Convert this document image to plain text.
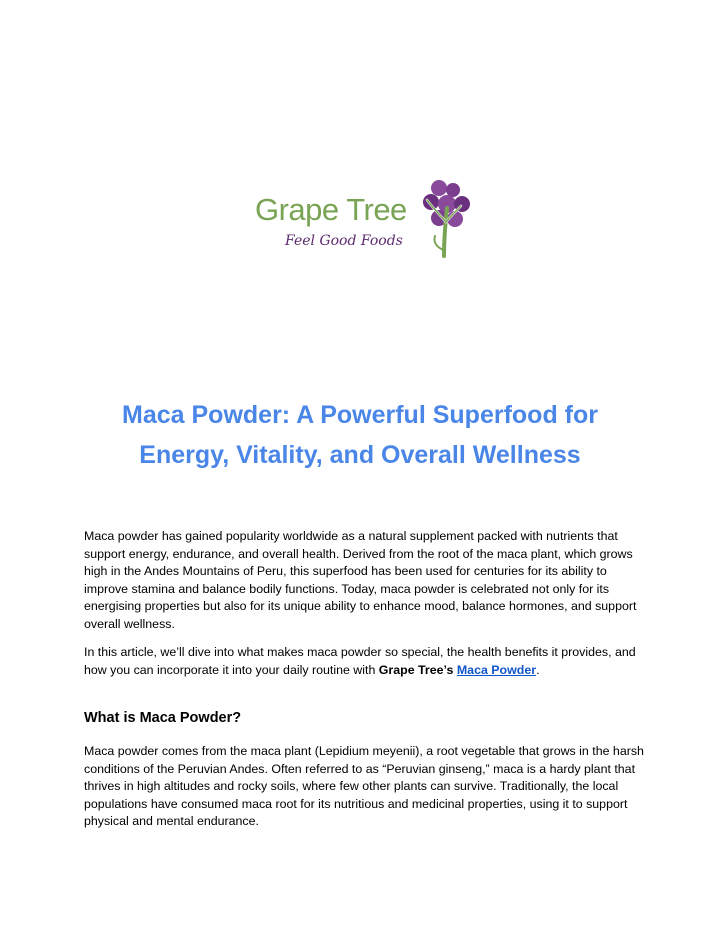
Grape Tree
Feel Good Foods
Maca Powder: A Powerful Superfood for Energy, Vitality, and Overall Wellness

Maca powder has gained popularity worldwide as a natural supplement packed with nutrients that support energy, endurance, and overall health. Derived from the root of the maca plant, which grows high in the Andes Mountains of Peru, this superfood has been used for centuries for its ability to improve stamina and balance bodily functions. Today, maca powder is celebrated not only for its energising properties but also for its unique ability to enhance mood, balance hormones, and support overall wellness.

In this article, we’ll dive into what makes maca powder so special, the health benefits it provides, and how you can incorporate it into your daily routine with Grape Tree’s Maca Powder.

What is Maca Powder?

Maca powder comes from the maca plant (Lepidium meyenii), a root vegetable that grows in the harsh conditions of the Peruvian Andes. Often referred to as “Peruvian ginseng,” maca is a hardy plant that thrives in high altitudes and rocky soils, where few other plants can survive. Traditionally, the local populations have consumed maca root for its nutritious and medicinal properties, using it to support physical and mental endurance.
